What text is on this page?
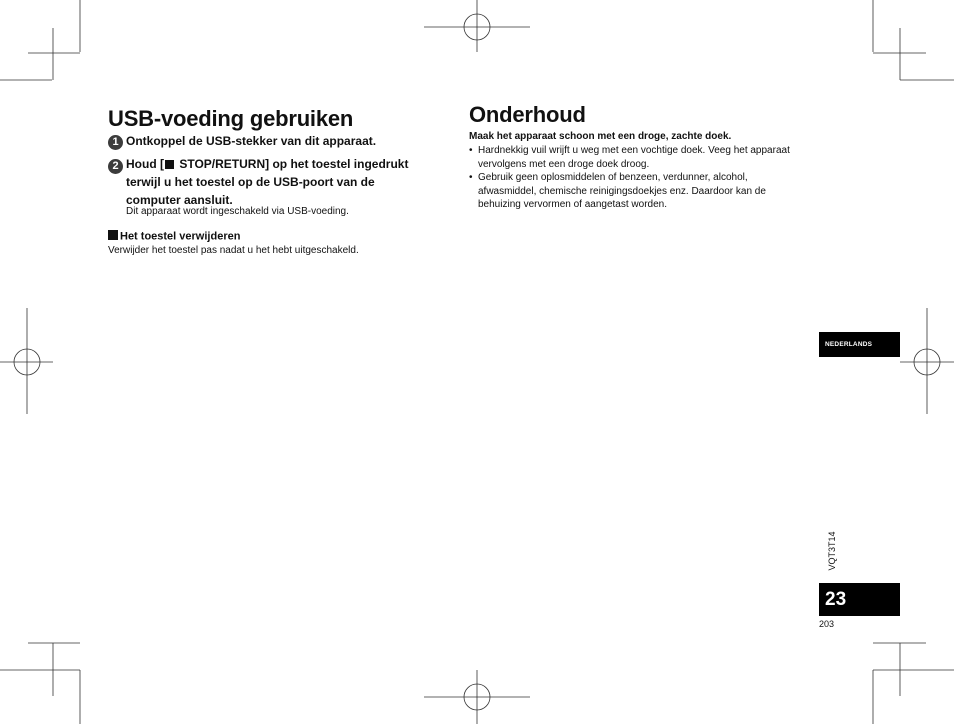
USB-voeding gebruiken
1 Ontkoppel de USB-stekker van dit apparaat.
2 Houd [ STOP/RETURN] op het toestel ingedrukt
terwijl u het toestel op de USB-poort van de
computer aansluit.
Dit apparaat wordt ingeschakeld via USB-voeding.
Het toestel verwijderen
Verwijder het toestel pas nadat u het hebt uitgeschakeld.
Onderhoud
Maak het apparaat schoon met een droge, zachte doek.
• Hardnekkig vuil wrijft u weg met een vochtige doek. Veeg het apparaat
vervolgens met een droge doek droog.
• Gebruik geen oplosmiddelen of benzeen, verdunner, alcohol,
afwasmiddel, chemische reinigingsdoekjes enz. Daardoor kan de
behuizing vervormen of aangetast worden.
NEDERLANDS
VQT3T14
23
203
